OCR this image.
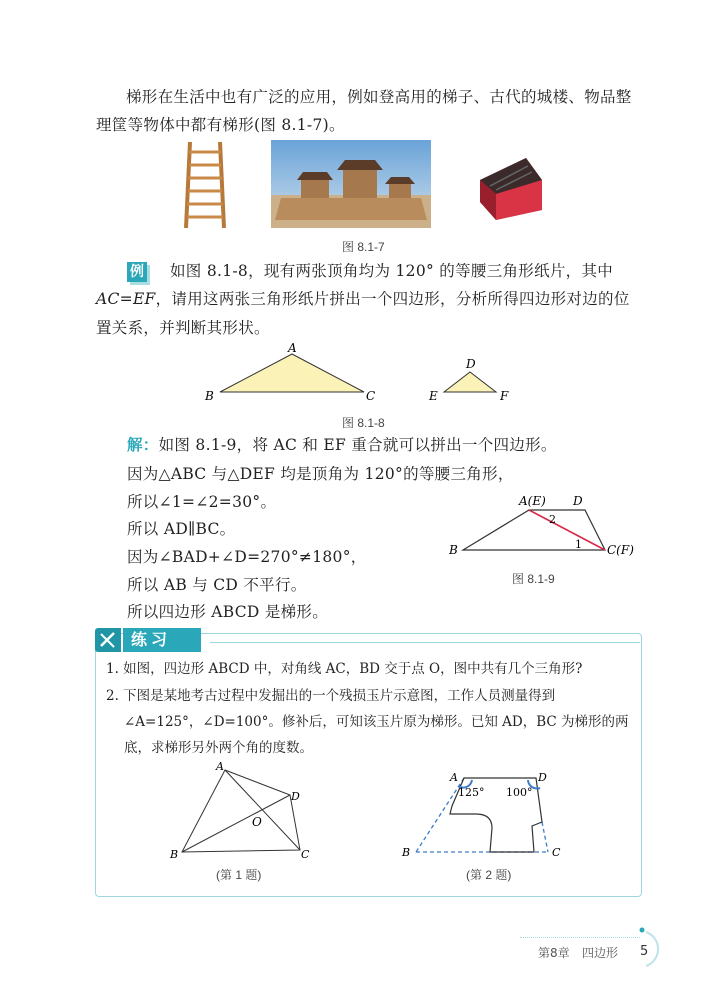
梯形在生活中也有广泛的应用，例如登高用的梯子、古代的城楼、物品整
理筐等物体中都有梯形(图 8.1-7)。
图 8.1-7
例 如图 8.1-8，现有两张顶角均为 120° 的等腰三角形纸片，其中
AC=EF，请用这两张三角形纸片拼出一个四边形，分析所得四边形对边的位
置关系，并判断其形状。
A
B	C
D
E	F
图 8.1-8
解：如图 8.1-9，将 AC 和 EF 重合就可以拼出一个四边形。
因为△ABC 与△DEF 均是顶角为 120°的等腰三角形，
所以∠1=∠2=30°。
所以 AD∥BC。
因为∠BAD+∠D=270°≠180°，
所以 AB 与 CD 不平行。
所以四边形 ABCD 是梯形。
A(E) D
B	C(F)
2
1
图 8.1-9
练习
1. 如图，四边形 ABCD 中，对角线 AC，BD 交于点 O，图中共有几个三角形?
2. 下图是某地考古过程中发掘出的一个残损玉片示意图，工作人员测量得到
∠A=125°，∠D=100°。修补后，可知该玉片原为梯形。已知 AD，BC 为梯形的两
底，求梯形另外两个角的度数。
A
D
B	C
O
(第 1 题)
A	D
B	C
125° 100°
(第 2 题)
第8章 四边形 5
